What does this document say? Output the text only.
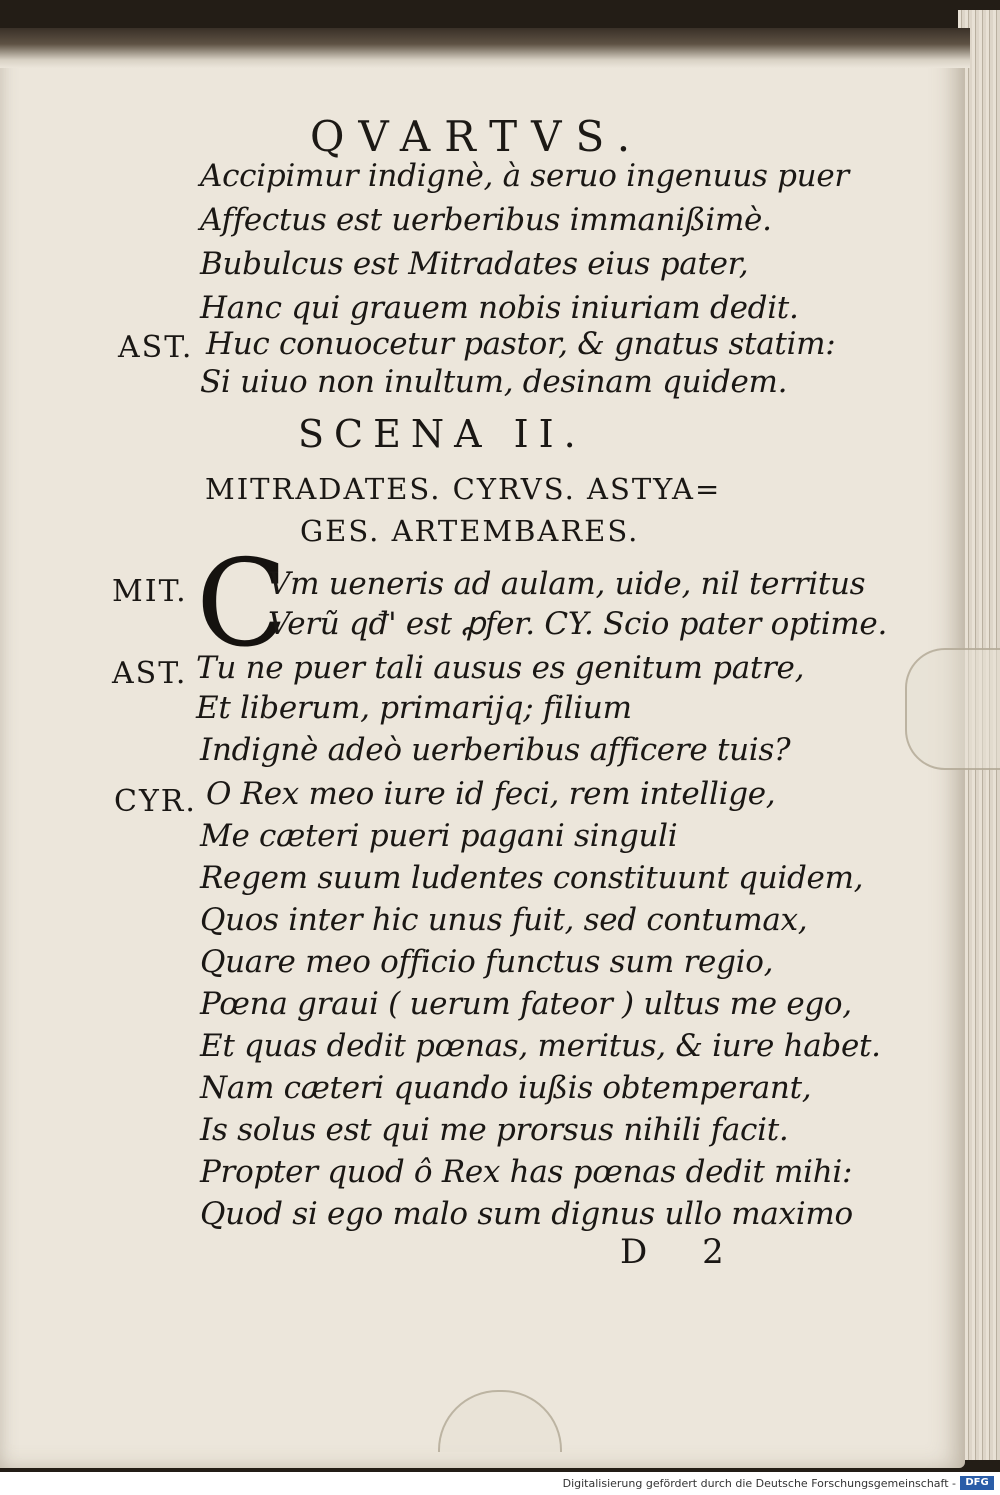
QVARTVS.
Accipimur indignè, à seruo ingenuus puer
Affectus est uerberibus immanißimè.
Bubulcus est Mitradates eius pater,
Hanc qui grauem nobis iniuriam dedit.
AST. Huc conuocetur pastor, & gnatus statim:
Si uiuo non inultum, desinam quidem.
SCENA II.
MITRADATES. CYRVS. ASTYA=
GES. ARTEMBARES.
C
MIT.	Vm ueneris ad aulam, uide, nil territus
Verũ qđ' est ꝓfer. CY. Scio pater optime.
AST. Tu ne puer tali ausus es genitum patre,
Et liberum, primarijq; filium
Indignè adeò uerberibus afficere tuis?
CYR. O Rex meo iure id feci, rem intellige,
Me cæteri pueri pagani singuli
Regem suum ludentes constituunt quidem,
Quos inter hic unus fuit, sed contumax,
Quare meo officio functus sum regio,
Pœna graui ( uerum fateor ) ultus me ego,
Et quas dedit pœnas, meritus, & iure habet.
Nam cæteri quando iußis obtemperant,
Is solus est qui me prorsus nihili facit.
Propter quod ô Rex has pœnas dedit mihi:
Quod si ego malo sum dignus ullo maximo
D 2
Digitalisierung gefördert durch die Deutsche Forschungsgemeinschaft - DFG
